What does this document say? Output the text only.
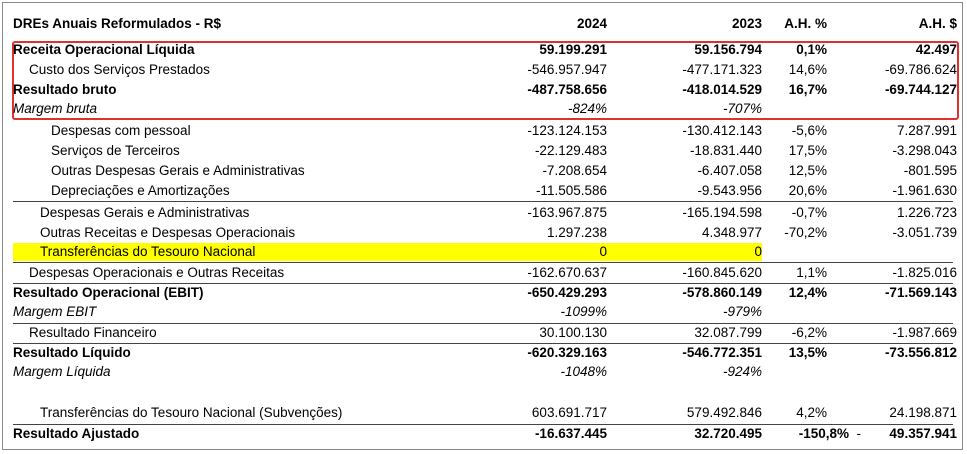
DREs Anuais Reformulados - R$	2024	2023	A.H. %	A.H. $
Receita Operacional Líquida	59.199.291	59.156.794	0,1%	42.497
Custo dos Serviços Prestados	-546.957.947	-477.171.323	14,6%	-69.786.624
Resultado bruto	-487.758.656	-418.014.529	16,7%	-69.744.127
Margem bruta	-824%	-707%
Despesas com pessoal	-123.124.153	-130.412.143	-5,6%	7.287.991
Serviços de Terceiros	-22.129.483	-18.831.440	17,5%	-3.298.043
Outras Despesas Gerais e Administrativas	-7.208.654	-6.407.058	12,5%	-801.595
Depreciações e Amortizações	-11.505.586	-9.543.956	20,6%	-1.961.630
Despesas Gerais e Administrativas	-163.967.875	-165.194.598	-0,7%	1.226.723
Outras Receitas e Despesas Operacionais	1.297.238	4.348.977	-70,2%	-3.051.739
Transferências do Tesouro Nacional	0	0
Despesas Operacionais e Outras Receitas	-162.670.637	-160.845.620	1,1%	-1.825.016
Resultado Operacional (EBIT)	-650.429.293	-578.860.149	12,4%	-71.569.143
Margem EBIT	-1099%	-979%
Resultado Financeiro	30.100.130	32.087.799	-6,2%	-1.987.669
Resultado Líquido	-620.329.163	-546.772.351	13,5%	-73.556.812
Margem Líquida	-1048%	-924%
Transferências do Tesouro Nacional (Subvenções)	603.691.717	579.492.846	4,2%	24.198.871
Resultado Ajustado	-16.637.445	32.720.495	-150,8% -	49.357.941
